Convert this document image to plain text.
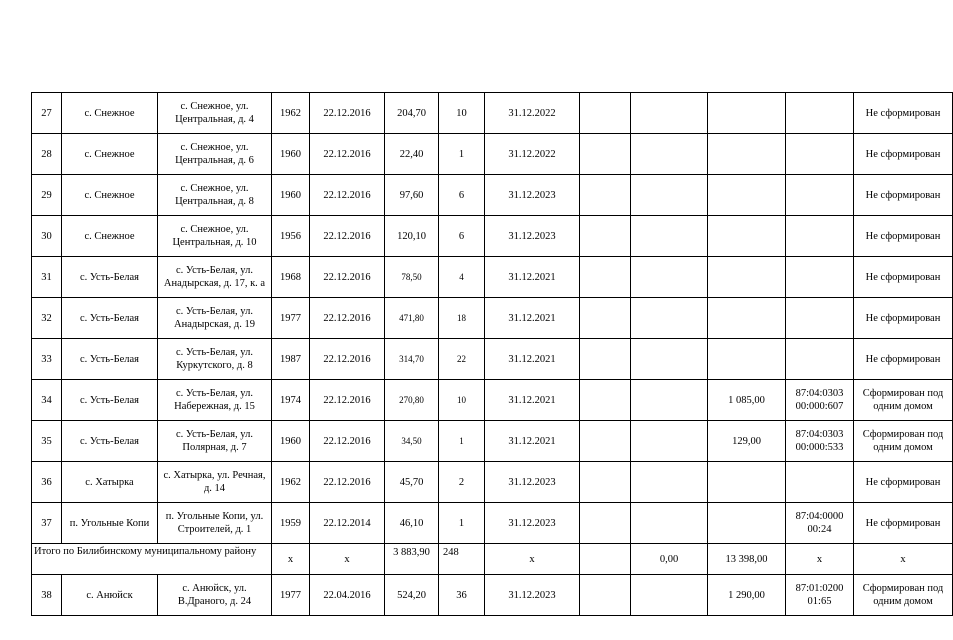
27	с. Снежное	с. Снежное, ул. Центральная, д. 4	1962	22.12.2016	204,70	10	31.12.2022					Не сформирован
28	с. Снежное	с. Снежное, ул. Центральная, д. 6	1960	22.12.2016	22,40	1	31.12.2022					Не сформирован
29	с. Снежное	с. Снежное, ул. Центральная, д. 8	1960	22.12.2016	97,60	6	31.12.2023					Не сформирован
30	с. Снежное	с. Снежное, ул. Центральная, д. 10	1956	22.12.2016	120,10	6	31.12.2023					Не сформирован
31	с. Усть-Белая	с. Усть-Белая, ул. Анадырская, д. 17, к. а	1968	22.12.2016	78,50	4	31.12.2021					Не сформирован
32	с. Усть-Белая	с. Усть-Белая, ул. Анадырская, д. 19	1977	22.12.2016	471,80	18	31.12.2021					Не сформирован
33	с. Усть-Белая	с. Усть-Белая, ул. Куркутского, д. 8	1987	22.12.2016	314,70	22	31.12.2021					Не сформирован
34	с. Усть-Белая	с. Усть-Белая, ул. Набережная, д. 15	1974	22.12.2016	270,80	10	31.12.2021			1 085,00	87:04:0303 00:000:607	Сформирован под одним домом
35	с. Усть-Белая	с. Усть-Белая, ул. Полярная, д. 7	1960	22.12.2016	34,50	1	31.12.2021			129,00	87:04:0303 00:000:533	Сформирован под одним домом
36	с. Хатырка	с. Хатырка, ул. Речная, д. 14	1962	22.12.2016	45,70	2	31.12.2023					Не сформирован
37	п. Угольные Копи	п. Угольные Копи, ул. Строителей, д. 1	1959	22.12.2014	46,10	1	31.12.2023				87:04:0000 00:24	Не сформирован
Итого по Билибинскому муниципальному району			х	х	3 883,90	248	х		0,00	13 398,00	х	х
38	с. Анюйск	с. Анюйск, ул. В.Драного, д. 24	1977	22.04.2016	524,20	36	31.12.2023			1 290,00	87:01:0200 01:65	Сформирован под одним домом
